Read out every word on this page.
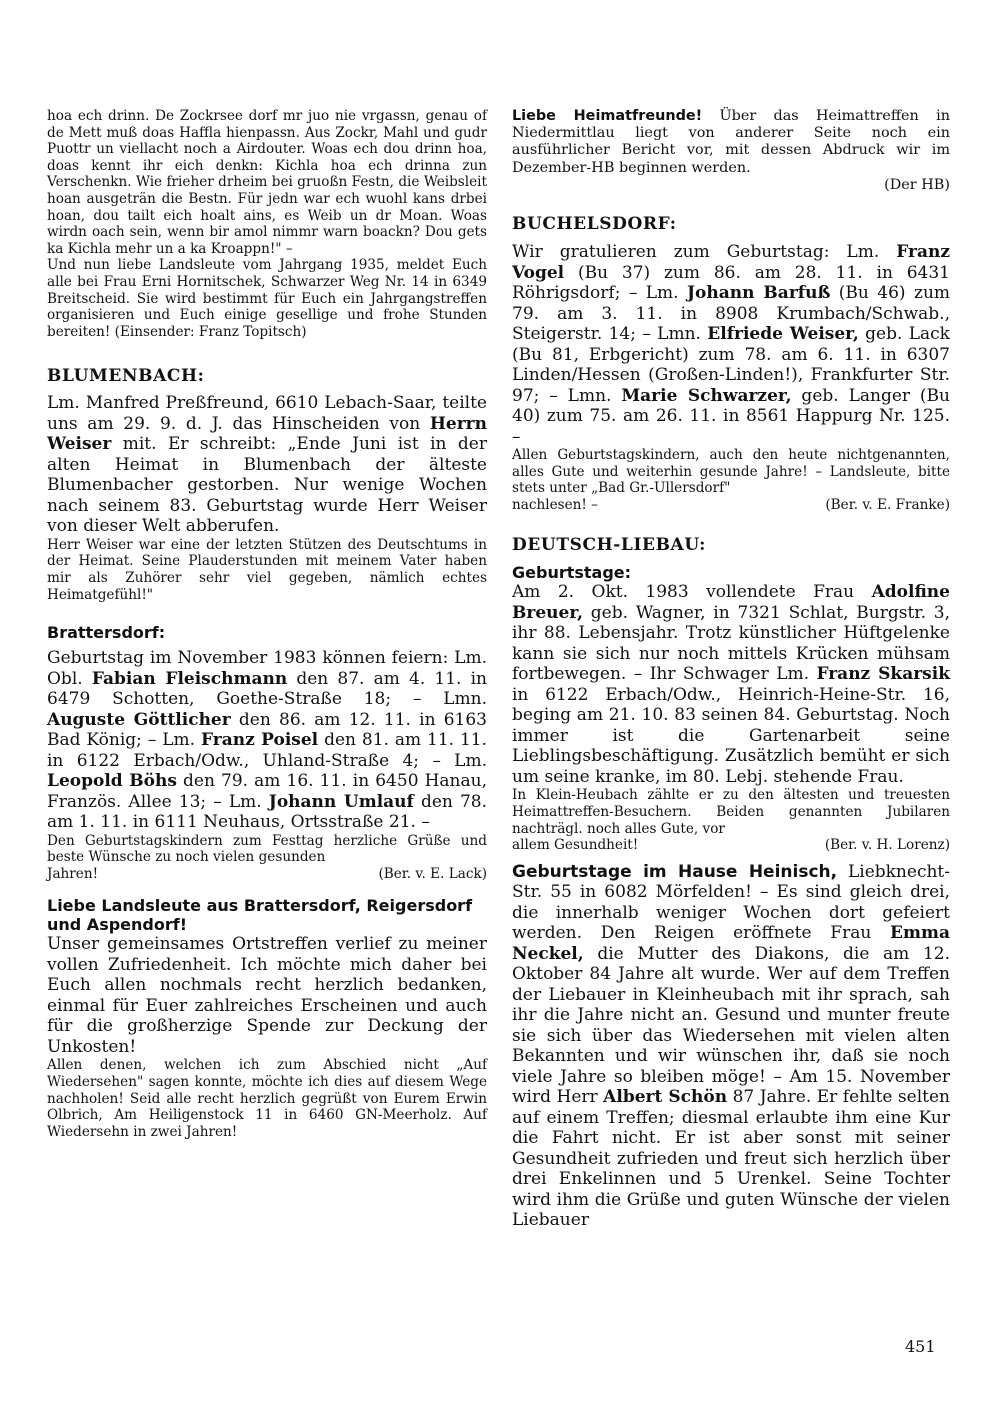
hoa ech drinn. De Zockrsee dorf mr juo nie vrgassn, genau of de Mett muß doas Haffla hienpassn. Aus Zockr, Mahl und gudr Puottr un viellacht noch a Airdouter. Woas ech dou drinn hoa, doas kennt ihr eich denkn: Kichla hoa ech drinna zun Verschenkn. Wie frieher drheim bei gruoßn Festn, die Weibsleit hoan ausgeträn die Bestn. Für jedn war ech wuohl kans drbei hoan, dou tailt eich hoalt ains, es Weib un dr Moan. Woas wirdn oach sein, wenn bir amol nimmr warn boackn? Dou gets ka Kichla mehr un a ka Kroappn!" –

Und nun liebe Landsleute vom Jahrgang 1935, meldet Euch alle bei Frau Erni Hornitschek, Schwarzer Weg Nr. 14 in 6349 Breitscheid. Sie wird bestimmt für Euch ein Jahrgangstreffen organisieren und Euch einige gesellige und frohe Stunden bereiten! (Einsender: Franz Topitsch)

BLUMENBACH:

Lm. Manfred Preßfreund, 6610 Lebach-Saar, teilte uns am 29. 9. d. J. das Hinscheiden von Herrn Weiser mit. Er schreibt: „Ende Juni ist in der alten Heimat in Blumenbach der älteste Blumenbacher gestorben. Nur wenige Wochen nach seinem 83. Geburtstag wurde Herr Weiser von dieser Welt abberufen.

Herr Weiser war eine der letzten Stützen des Deutschtums in der Heimat. Seine Plauderstunden mit meinem Vater haben mir als Zuhörer sehr viel gegeben, nämlich echtes Heimatgefühl!"

Brattersdorf:

Geburtstag im November 1983 können feiern: Lm. Obl. Fabian Fleischmann den 87. am 4. 11. in 6479 Schotten, Goethe-Straße 18; – Lmn. Auguste Göttlicher den 86. am 12. 11. in 6163 Bad König; – Lm. Franz Poisel den 81. am 11. 11. in 6122 Erbach/Odw., Uhland-Straße 4; – Lm. Leopold Böhs den 79. am 16. 11. in 6450 Hanau, Französ. Allee 13; – Lm. Johann Umlauf den 78. am 1. 11. in 6111 Neuhaus, Ortsstraße 21. –

Den Geburtstagskindern zum Festtag herzliche Grüße und beste Wünsche zu noch vielen gesunden

Jahren!	(Ber. v. E. Lack)

Liebe Landsleute aus Brattersdorf, Reigersdorf und Aspendorf!

Unser gemeinsames Ortstreffen verlief zu meiner vollen Zufriedenheit. Ich möchte mich daher bei Euch allen nochmals recht herzlich bedanken, einmal für Euer zahlreiches Erscheinen und auch für die großherzige Spende zur Deckung der Unkosten!

Allen denen, welchen ich zum Abschied nicht „Auf Wiedersehen" sagen konnte, möchte ich dies auf diesem Wege nachholen! Seid alle recht herzlich gegrüßt von Eurem Erwin Olbrich, Am Heiligenstock 11 in 6460 GN-Meerholz. Auf Wiedersehn in zwei Jahren!

Liebe Heimatfreunde! Über das Heimattreffen in Niedermittlau liegt von anderer Seite noch ein ausführlicher Bericht vor, mit dessen Abdruck wir im Dezember-HB beginnen werden.

(Der HB)

BUCHELSDORF:

Wir gratulieren zum Geburtstag: Lm. Franz Vogel (Bu 37) zum 86. am 28. 11. in 6431 Röhrigsdorf; – Lm. Johann Barfuß (Bu 46) zum 79. am 3. 11. in 8908 Krumbach/Schwab., Steigerstr. 14; – Lmn. Elfriede Weiser, geb. Lack (Bu 81, Erbgericht) zum 78. am 6. 11. in 6307 Linden/Hessen (Großen-Linden!), Frankfurter Str. 97; – Lmn. Marie Schwarzer, geb. Langer (Bu 40) zum 75. am 26. 11. in 8561 Happurg Nr. 125. –

Allen Geburtstagskindern, auch den heute nichtgenannten, alles Gute und weiterhin gesunde Jahre! – Landsleute, bitte stets unter „Bad Gr.-Ullersdorf"

nachlesen! –	(Ber. v. E. Franke)

DEUTSCH-LIEBAU:
Geburtstage:

Am 2. Okt. 1983 vollendete Frau Adolfine Breuer, geb. Wagner, in 7321 Schlat, Burgstr. 3, ihr 88. Lebensjahr. Trotz künstlicher Hüftgelenke kann sie sich nur noch mittels Krücken mühsam fortbewegen. – Ihr Schwager Lm. Franz Skarsik in 6122 Erbach/Odw., Heinrich-Heine-Str. 16, beging am 21. 10. 83 seinen 84. Geburtstag. Noch immer ist die Gartenarbeit seine Lieblingsbeschäftigung. Zusätzlich bemüht er sich um seine kranke, im 80. Lebj. stehende Frau.

In Klein-Heubach zählte er zu den ältesten und treuesten Heimattreffen-Besuchern. Beiden genannten Jubilaren nachträgl. noch alles Gute, vor

allem Gesundheit!	(Ber. v. H. Lorenz)

Geburtstage im Hause Heinisch, Liebknecht-Str. 55 in 6082 Mörfelden! – Es sind gleich drei, die innerhalb weniger Wochen dort gefeiert werden. Den Reigen eröffnete Frau Emma Neckel, die Mutter des Diakons, die am 12. Oktober 84 Jahre alt wurde. Wer auf dem Treffen der Liebauer in Kleinheubach mit ihr sprach, sah ihr die Jahre nicht an. Gesund und munter freute sie sich über das Wiedersehen mit vielen alten Bekannten und wir wünschen ihr, daß sie noch viele Jahre so bleiben möge! – Am 15. November wird Herr Albert Schön 87 Jahre. Er fehlte selten auf einem Treffen; diesmal erlaubte ihm eine Kur die Fahrt nicht. Er ist aber sonst mit seiner Gesundheit zufrieden und freut sich herzlich über drei Enkelinnen und 5 Urenkel. Seine Tochter wird ihm die Grüße und guten Wünsche der vielen Liebauer

451
